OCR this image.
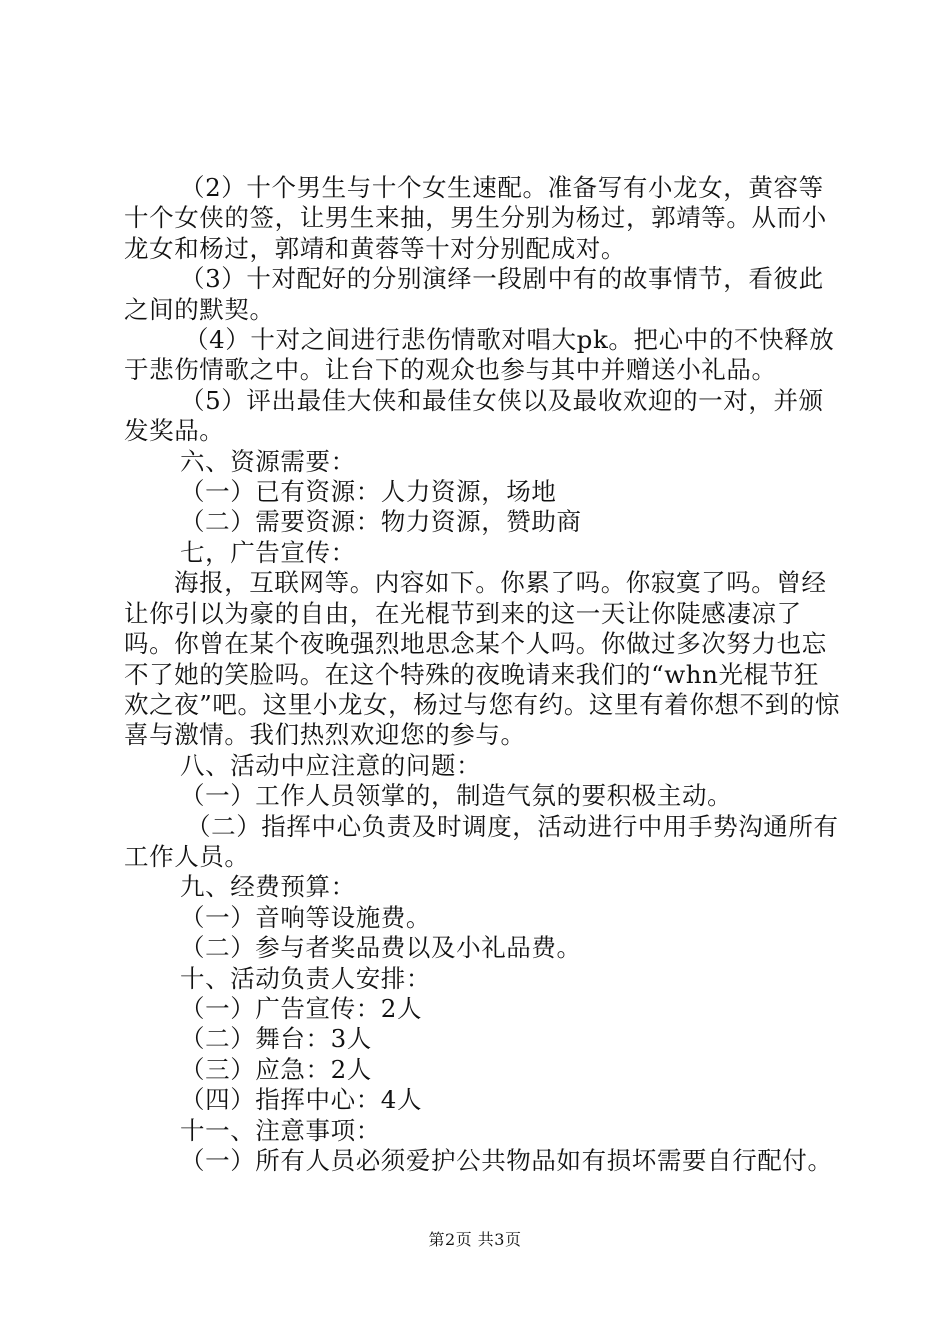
（2）十个男生与十个女生速配。准备写有小龙女，黄容等十个女侠的签，让男生来抽，男生分别为杨过，郭靖等。从而小龙女和杨过，郭靖和黄蓉等十对分别配成对。

（3）十对配好的分别演绎一段剧中有的故事情节，看彼此之间的默契。

（4）十对之间进行悲伤情歌对唱大pk。把心中的不快释放于悲伤情歌之中。让台下的观众也参与其中并赠送小礼品。

（5）评出最佳大侠和最佳女侠以及最收欢迎的一对，并颁发奖品。

六、资源需要：

（一）已有资源：人力资源，场地

（二）需要资源：物力资源，赞助商

七，广告宣传：

海报，互联网等。内容如下。你累了吗。你寂寞了吗。曾经让你引以为豪的自由，在光棍节到来的这一天让你陡感凄凉了吗。你曾在某个夜晚强烈地思念某个人吗。你做过多次努力也忘不了她的笑脸吗。在这个特殊的夜晚请来我们的“whn光棍节狂欢之夜”吧。这里小龙女，杨过与您有约。这里有着你想不到的惊喜与激情。我们热烈欢迎您的参与。

八、活动中应注意的问题：

（一）工作人员领掌的，制造气氛的要积极主动。

（二）指挥中心负责及时调度，活动进行中用手势沟通所有工作人员。

九、经费预算：

（一）音响等设施费。

（二）参与者奖品费以及小礼品费。

十、活动负责人安排：

（一）广告宣传：2人

（二）舞台：3人

（三）应急：2人

（四）指挥中心：4人

十一、注意事项：

（一）所有人员必须爱护公共物品如有损坏需要自行配付。

第2页 共3页
